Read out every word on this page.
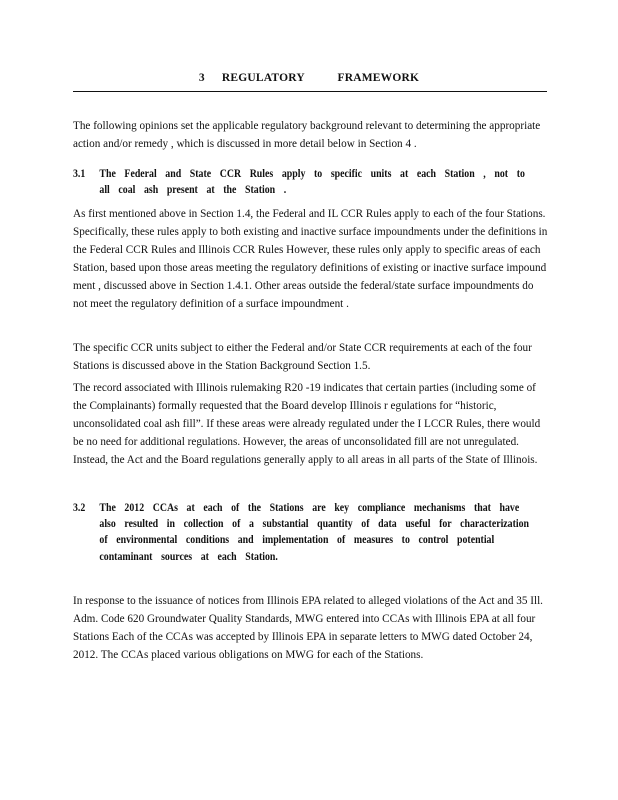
3 REGULATORY	FRAMEWORK

The following opinions set the applicable regulatory background relevant to determining the appropriate action and/or remedy , which is discussed in more detail below in Section 4 .

3.1 The Federal and State CCR Rules apply to specific units at each Station , not to all coal ash present at the Station .

As first mentioned above in Section 1.4, the Federal and IL CCR Rules apply to each of the four Stations. Specifically, these rules apply to both existing and inactive surface impoundments under the definitions in the Federal CCR Rules and Illinois CCR Rules However, these rules only apply to specific areas of each Station, based upon those areas meeting the regulatory definitions of existing or inactive surface impound ment , discussed above in Section 1.4.1. Other areas outside the federal/state surface impoundments do not meet the regulatory definition of a surface impoundment .

The specific CCR units subject to either the Federal and/or State CCR requirements at each of the four Stations is discussed above in the Station Background Section 1.5.

The record associated with Illinois rulemaking R20 -19 indicates that certain parties (including some of the Complainants) formally requested that the Board develop Illinois r egulations for “historic, unconsolidated coal ash fill”. If these areas were already regulated under the I LCCR Rules, there would be no need for additional regulations. However, the areas of unconsolidated fill are not unregulated. Instead, the Act and the Board regulations generally apply to all areas in all parts of the State of Illinois.

3.2 The 2012 CCAs at each of the Stations are key compliance mechanisms that have also resulted in collection of a substantial quantity of data useful for characterization of environmental conditions and implementation of measures to control potential contaminant sources at each Station.

In response to the issuance of notices from Illinois EPA related to alleged violations of the Act and 35 Ill. Adm. Code 620 Groundwater Quality Standards, MWG entered into CCAs with Illinois EPA at all four Stations Each of the CCAs was accepted by Illinois EPA in separate letters to MWG dated October 24, 2012. The CCAs placed various obligations on MWG for each of the Stations.
